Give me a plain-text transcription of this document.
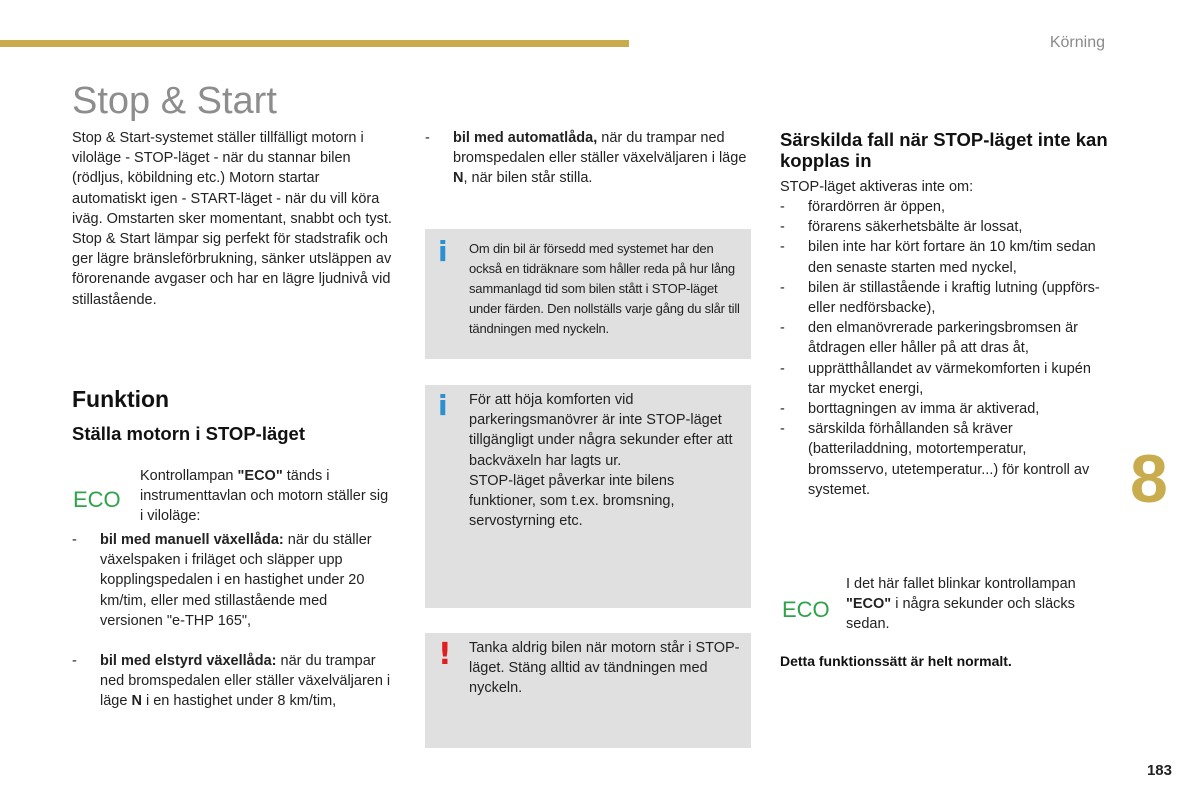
Körning
Stop & Start

Stop & Start-systemet ställer tillfälligt motorn i viloläge - STOP-läget - när du stannar bilen (rödljus, köbildning etc.) Motorn startar automatiskt igen - START-läget - när du vill köra iväg. Omstarten sker momentant, snabbt och tyst.

Stop & Start lämpar sig perfekt för stadstrafik och ger lägre bränsleförbrukning, sänker utsläppen av förorenande avgaser och har en lägre ljudnivå vid stillastående.

Funktion
Ställa motorn i STOP-läget
ECO
Kontrollampan "ECO" tänds i instrumenttavlan och motorn ställer sig i viloläge:
-	bil med manuell växellåda: när du ställer växelspaken i friläget och släpper upp kopplingspedalen i en hastighet under 20 km/tim, eller med stillastående med versionen "e-THP 165",
-	bil med elstyrd växellåda: när du trampar ned bromspedalen eller ställer växelväljaren i läge N i en hastighet under 8 km/tim,
-	bil med automatlåda, när du trampar ned bromspedalen eller ställer växelväljaren i läge N, när bilen står stilla.
i Om din bil är försedd med systemet har den också en tidräknare som håller reda på hur lång sammanlagd tid som bilen stått i STOP-läget under färden. Den nollställs varje gång du slår till tändningen med nyckeln.

i För att höja komforten vid parkeringsmanövrer är inte STOP-läget tillgängligt under några sekunder efter att backväxeln har lagts ur.

STOP-läget påverkar inte bilens funktioner, som t.ex. bromsning, servostyrning etc.

! Tanka aldrig bilen när motorn står i STOP-läget. Stäng alltid av tändningen med nyckeln.

Särskilda fall när STOP-läget inte kan kopplas in

STOP-läget aktiveras inte om:

-	förardörren är öppen,
-	förarens säkerhetsbälte är lossat,
-	bilen inte har kört fortare än 10 km/tim sedan den senaste starten med nyckel,
-	bilen är stillastående i kraftig lutning (uppförs- eller nedförsbacke),
-	den elmanövrerade parkeringsbromsen är åtdragen eller håller på att dras åt,
-	upprätthållandet av värmekomforten i kupén tar mycket energi,
-	borttagningen av imma är aktiverad,
-	särskilda förhållanden så kräver (batteriladdning, motortemperatur, bromsservo, utetemperatur...) för kontroll av systemet.
ECO
I det här fallet blinkar kontrollampan "ECO" i några sekunder och släcks sedan.

Detta funktionssätt är helt normalt.

8
183
